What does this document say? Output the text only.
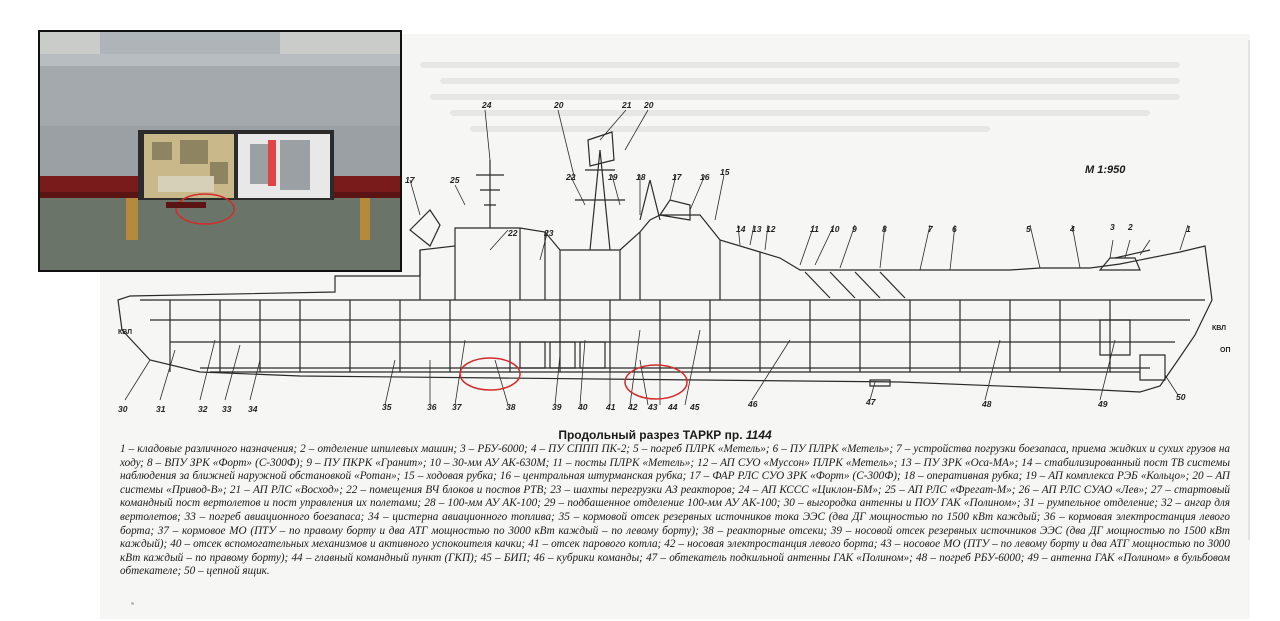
М 1:950
24	20	21 20
22	19 18	17 16
25
15
14 13 12	11 10 9	8	7 6	5	4	3 2	1
17
22	23
30	31	32 33 34	35	36 37	38	39 40 41 42 43 44 45	46	47	48	49
50
КВЛ
КВЛ
ОП
Продольный разрез ТАРКР пр. 1144
1 – кладовые различного назначения; 2 – отделение шпилевых машин; 3 – РБУ-6000; 4 – ПУ СППП ПК-2; 5 – погреб ПЛРК «Метель»; 6 – ПУ ПЛРК «Метель»; 7 – устройства погрузки боезапаса, приема жидких и сухих грузов на ходу; 8 – ВПУ ЗРК «Форт» (С-300Ф); 9 – ПУ ПКРК «Гранит»; 10 – 30-мм АУ АК-630М; 11 – посты ПЛРК «Метель»; 12 – АП СУО «Муссон» ПЛРК «Метель»; 13 – ПУ ЗРК «Оса-МА»; 14 – стабилизированный пост ТВ системы наблюдения за ближней наружной обстановкой «Ротан»; 15 – ходовая рубка; 16 – центральная штурманская рубка; 17 – ФАР РЛС СУО ЗРК «Форт» (С-300Ф); 18 – оперативная рубка; 19 – АП комплекса РЭБ «Кольцо»; 20 – АП системы «Привод-В»; 21 – АП РЛС «Восход»; 22 – помещения ВЧ блоков и постов РТВ; 23 – шахты перегрузки АЗ реакторов; 24 – АП КССС «Циклон-БМ»; 25 – АП РЛС «Фрегат-М»; 26 – АП РЛС СУАО «Лев»; 27 – стартовый командный пост вертолетов и пост управления их полетами; 28 – 100-мм АУ АК-100; 29 – подбашенное отделение 100-мм АУ АК-100; 30 – выгородка антенны и ПОУ ГАК «Полином»; 31 – румпельное отделение; 32 – ангар для вертолетов; 33 – погреб авиационного боезапаса; 34 – цистерна авиационного топлива; 35 – кормовой отсек резервных источников тока ЭЭС (два ДГ мощностью по 1500 кВт каждый; 36 – кормовая электростанция левого борта; 37 – кормовое МО (ПТУ – по правому борту и два АТГ мощностью по 3000 кВт каждый – по левому борту); 38 – реакторные отсеки; 39 – носовой отсек резервных источников ЭЭС (два ДГ мощностью по 1500 кВт каждый); 40 – отсек вспомогательных механизмов и активного успокоителя качки; 41 – отсек парового котла; 42 – носовая электростанция левого борта; 43 – носовое МО (ПТУ – по левому борту и два АТГ мощностью по 3000 кВт каждый – по правому борту); 44 – главный командный пункт (ГКП); 45 – БИП; 46 – кубрики команды; 47 – обтекатель подкильной антенны ГАК «Полином»; 48 – погреб РБУ-6000; 49 – антенна ГАК «Полином» в бульбовом обтекателе; 50 – цепной ящик.
